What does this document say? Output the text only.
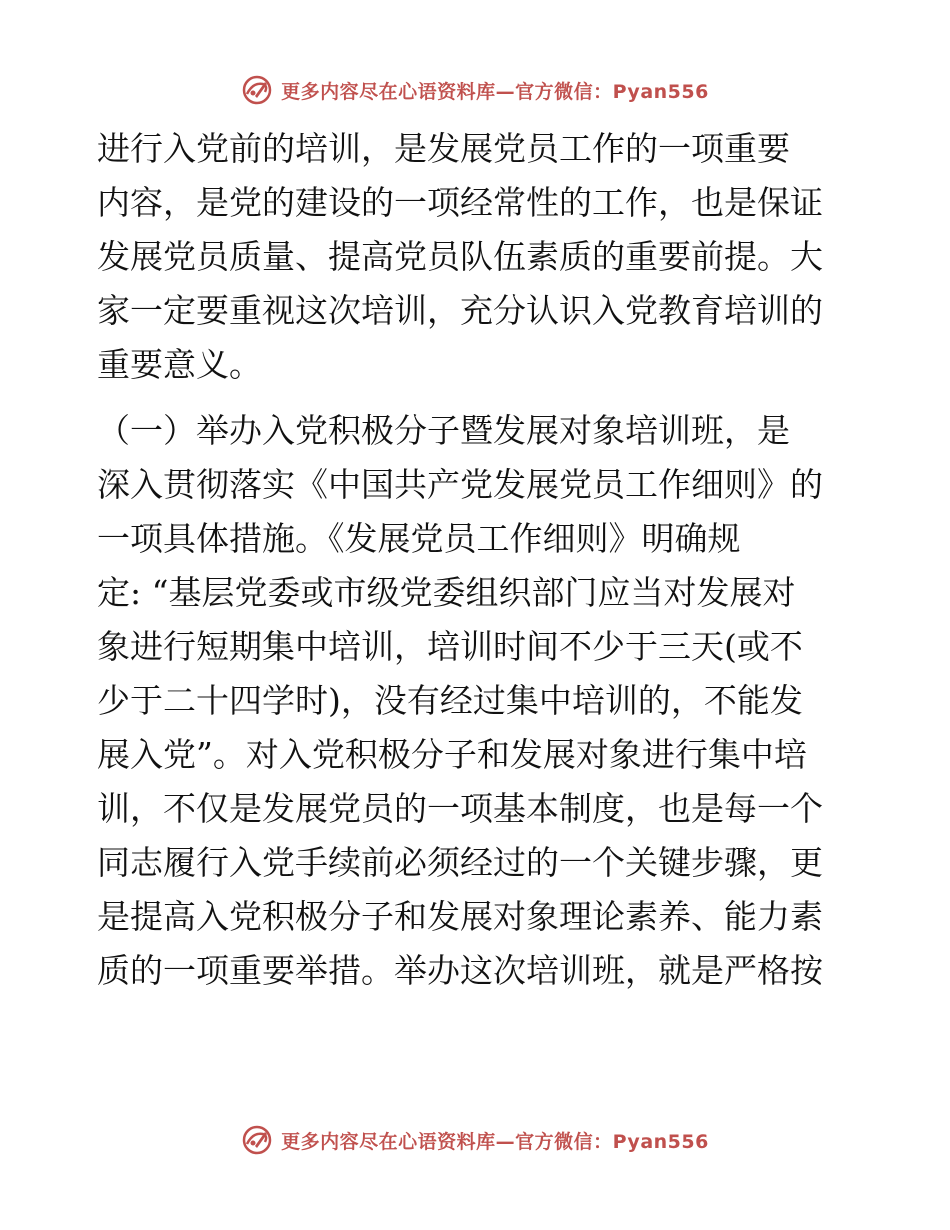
更多内容尽在心语资料库—官方微信：Pyan556
进行入党前的培训，是发展党员工作的一项重要
内容，是党的建设的一项经常性的工作，也是保证
发展党员质量、提高党员队伍素质的重要前提。大
家一定要重视这次培训，充分认识入党教育培训的
重要意义。
（一）举办入党积极分子暨发展对象培训班，是
深入贯彻落实《中国共产党发展党员工作细则》的
一项具体措施。《发展党员工作细则》明确规
定: “基层党委或市级党委组织部门应当对发展对
象进行短期集中培训，培训时间不少于三天(或不
少于二十四学时)，没有经过集中培训的，不能发
展入党”。对入党积极分子和发展对象进行集中培
训，不仅是发展党员的一项基本制度，也是每一个
同志履行入党手续前必须经过的一个关键步骤，更
是提高入党积极分子和发展对象理论素养、能力素
质的一项重要举措。举办这次培训班，就是严格按
更多内容尽在心语资料库—官方微信：Pyan556
